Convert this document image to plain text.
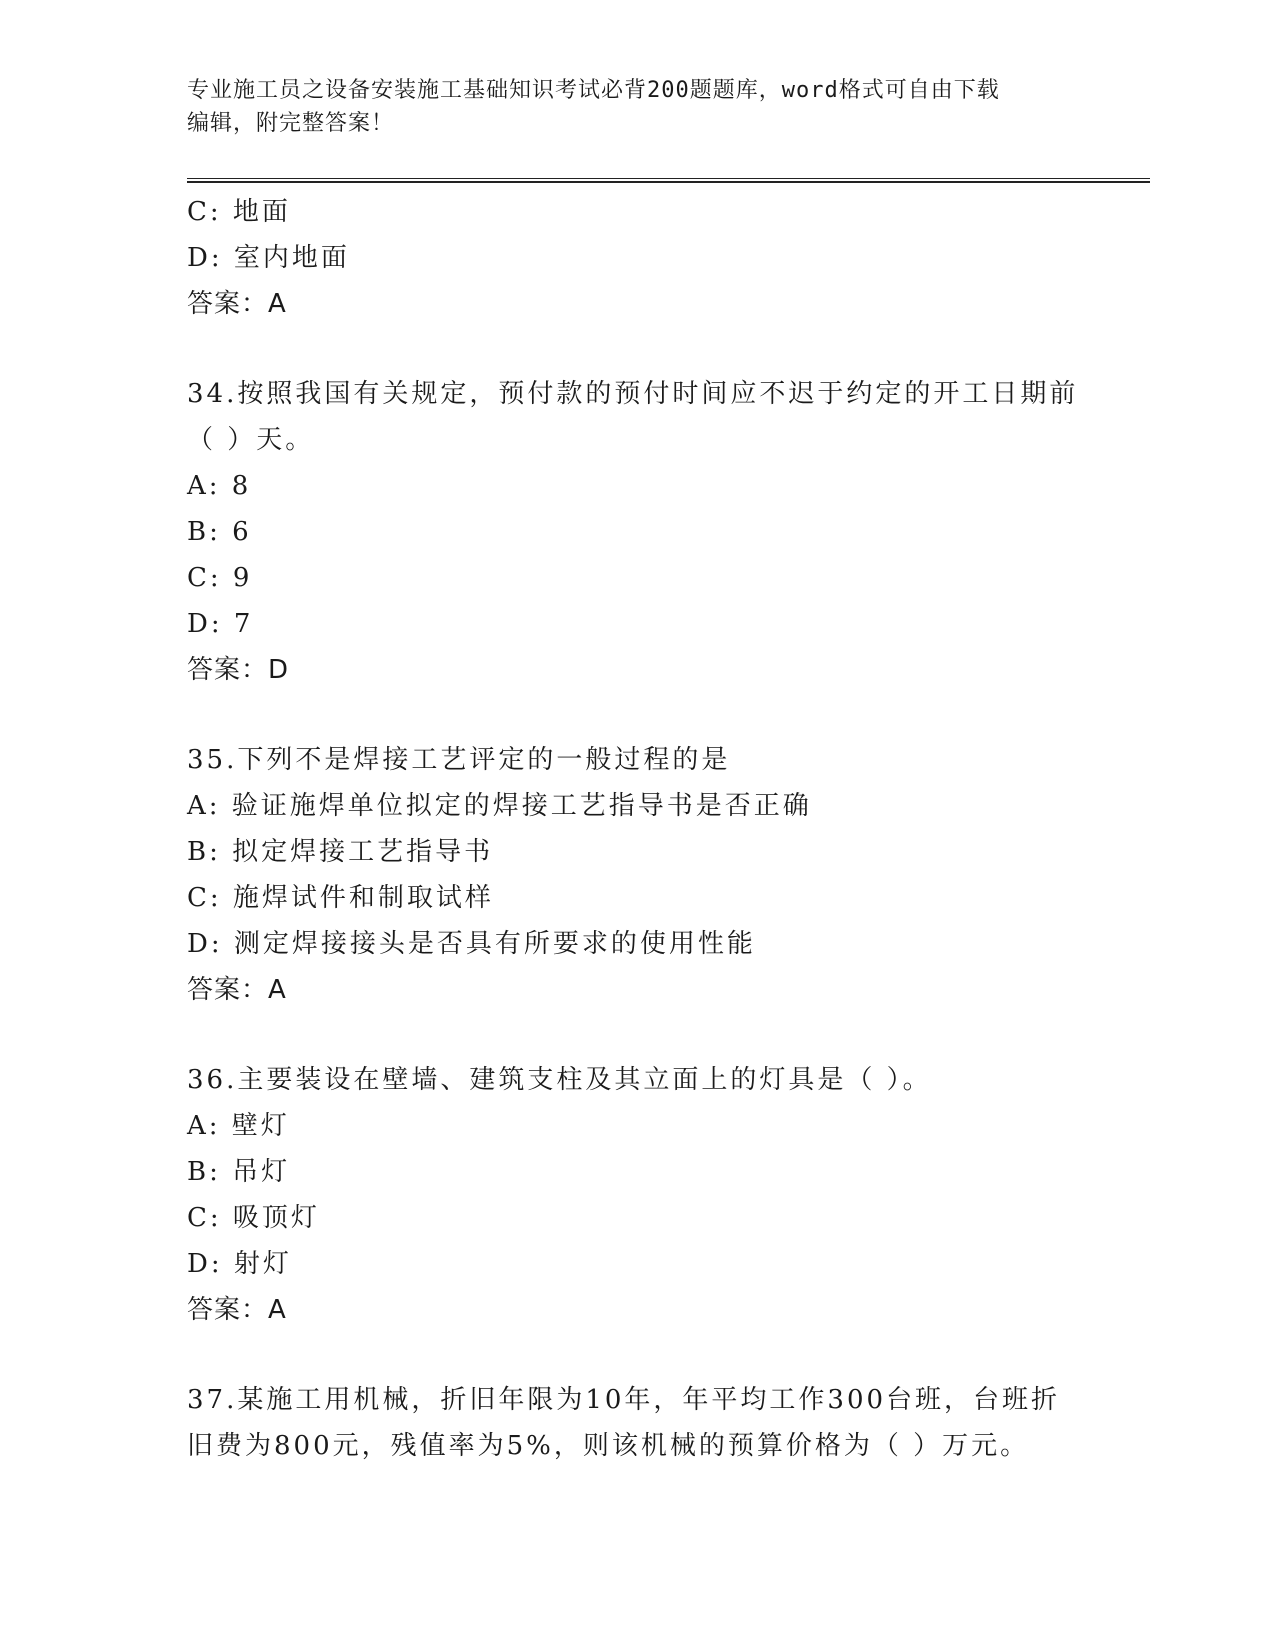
专业施工员之设备安装施工基础知识考试必背200题题库，word格式可自由下载
编辑，附完整答案！
C: 地面
D: 室内地面
答案：A
34.按照我国有关规定，预付款的预付时间应不迟于约定的开工日期前
（ ）天。
A: 8
B: 6
C: 9
D: 7
答案：D
35.下列不是焊接工艺评定的一般过程的是
A: 验证施焊单位拟定的焊接工艺指导书是否正确
B: 拟定焊接工艺指导书
C: 施焊试件和制取试样
D: 测定焊接接头是否具有所要求的使用性能
答案：A
36.主要装设在壁墙、建筑支柱及其立面上的灯具是（ ）。
A: 壁灯
B: 吊灯
C: 吸顶灯
D: 射灯
答案：A
37.某施工用机械，折旧年限为10年，年平均工作300台班，台班折
旧费为800元，残值率为5%，则该机械的预算价格为（ ）万元。
